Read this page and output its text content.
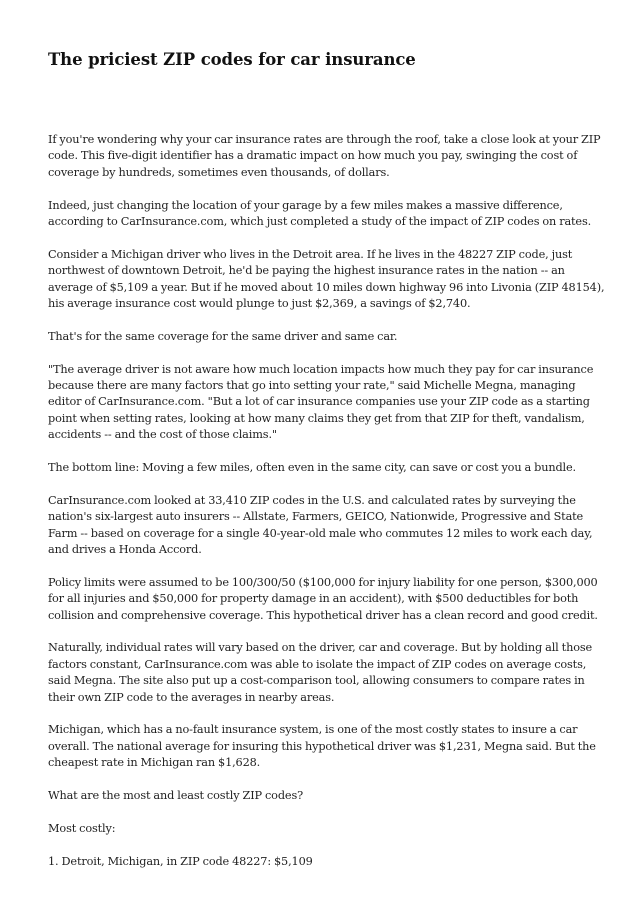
The priciest ZIP codes for car insurance

If you're wondering why your car insurance rates are through the roof, take a close look at your ZIP
code. This five-digit identifier has a dramatic impact on how much you pay, swinging the cost of
coverage by hundreds, sometimes even thousands, of dollars.

Indeed, just changing the location of your garage by a few miles makes a massive difference,
according to CarInsurance.com, which just completed a study of the impact of ZIP codes on rates.

Consider a Michigan driver who lives in the Detroit area. If he lives in the 48227 ZIP code, just
northwest of downtown Detroit, he'd be paying the highest insurance rates in the nation -- an
average of $5,109 a year. But if he moved about 10 miles down highway 96 into Livonia (ZIP 48154),
his average insurance cost would plunge to just $2,369, a savings of $2,740.

That's for the same coverage for the same driver and same car.

"The average driver is not aware how much location impacts how much they pay for car insurance
because there are many factors that go into setting your rate," said Michelle Megna, managing
editor of CarInsurance.com. "But a lot of car insurance companies use your ZIP code as a starting
point when setting rates, looking at how many claims they get from that ZIP for theft, vandalism,
accidents -- and the cost of those claims."

The bottom line: Moving a few miles, often even in the same city, can save or cost you a bundle.

CarInsurance.com looked at 33,410 ZIP codes in the U.S. and calculated rates by surveying the
nation's six-largest auto insurers -- Allstate, Farmers, GEICO, Nationwide, Progressive and State
Farm -- based on coverage for a single 40-year-old male who commutes 12 miles to work each day,
and drives a Honda Accord.

Policy limits were assumed to be 100/300/50 ($100,000 for injury liability for one person, $300,000
for all injuries and $50,000 for property damage in an accident), with $500 deductibles for both
collision and comprehensive coverage. This hypothetical driver has a clean record and good credit.

Naturally, individual rates will vary based on the driver, car and coverage. But by holding all those
factors constant, CarInsurance.com was able to isolate the impact of ZIP codes on average costs,
said Megna. The site also put up a cost-comparison tool, allowing consumers to compare rates in
their own ZIP code to the averages in nearby areas.

Michigan, which has a no-fault insurance system, is one of the most costly states to insure a car
overall. The national average for insuring this hypothetical driver was $1,231, Megna said. But the
cheapest rate in Michigan ran $1,628.

What are the most and least costly ZIP codes?

Most costly:

1. Detroit, Michigan, in ZIP code 48227: $5,109
